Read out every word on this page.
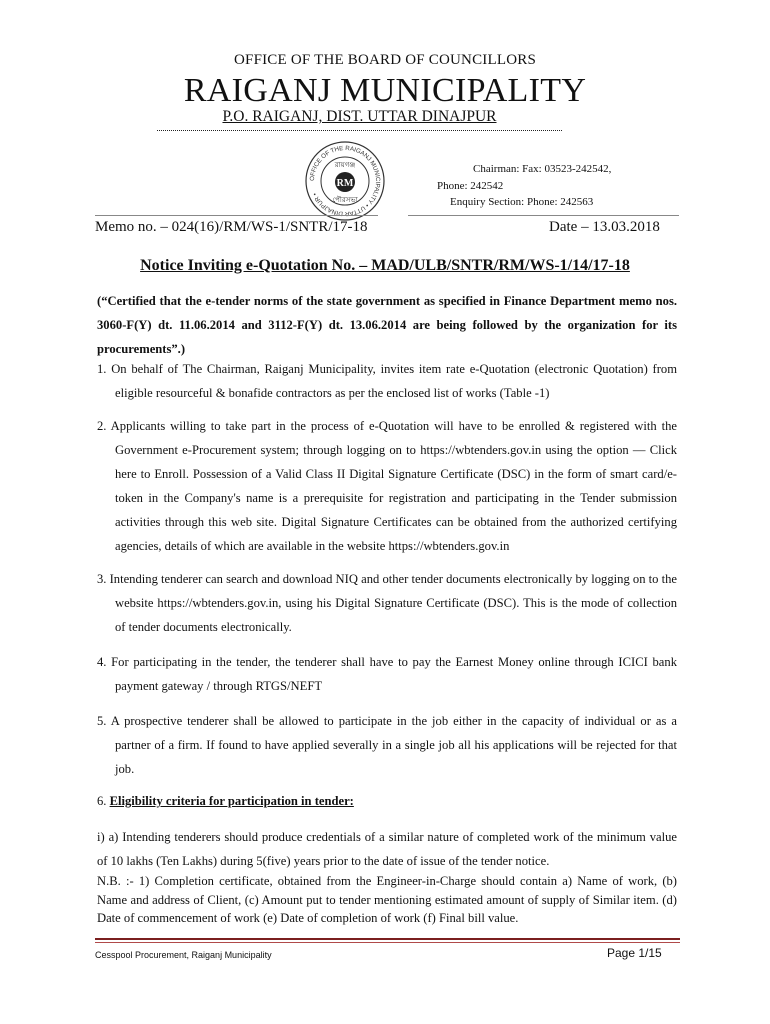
OFFICE OF THE BOARD OF COUNCILLORS
RAIGANJ MUNICIPALITY
P.O. RAIGANJ, DIST. UTTAR DINAJPUR
OFFICE OF THE RAIGANJ MUNICIPALITY • UTTAR DINAJPUR •
রায়গঞ্জ
RM
পৌরসভা
Chairman: Fax: 03523-242542,
Phone: 242542
Enquiry Section: Phone: 242563
Memo no. – 024(16)/RM/WS-1/SNTR/17-18	Date – 13.03.2018
Notice Inviting e-Quotation No. – MAD/ULB/SNTR/RM/WS-1/14/17-18
(“Certified that the e-tender norms of the state government as specified in Finance Department memo nos. 3060-F(Y) dt. 11.06.2014 and 3112-F(Y) dt. 13.06.2014 are being followed by the organization for its procurements”.)
1. On behalf of The Chairman, Raiganj Municipality, invites item rate e-Quotation (electronic Quotation) from eligible resourceful & bonafide contractors as per the enclosed list of works (Table -1)
2. Applicants willing to take part in the process of e-Quotation will have to be enrolled & registered with the Government e-Procurement system; through logging on to https://wbtenders.gov.in using the option ― Click here to Enroll. Possession of a Valid Class II Digital Signature Certificate (DSC) in the form of smart card/e-token in the Company's name is a prerequisite for registration and participating in the Tender submission activities through this web site. Digital Signature Certificates can be obtained from the authorized certifying agencies, details of which are available in the website https://wbtenders.gov.in
3. Intending tenderer can search and download NIQ and other tender documents electronically by logging on to the website https://wbtenders.gov.in, using his Digital Signature Certificate (DSC). This is the mode of collection of tender documents electronically.
4. For participating in the tender, the tenderer shall have to pay the Earnest Money online through ICICI bank payment gateway / through RTGS/NEFT
5. A prospective tenderer shall be allowed to participate in the job either in the capacity of individual or as a partner of a firm. If found to have applied severally in a single job all his applications will be rejected for that job.
6. Eligibility criteria for participation in tender:
i) a) Intending tenderers should produce credentials of a similar nature of completed work of the minimum value of 10 lakhs (Ten Lakhs) during 5(five) years prior to the date of issue of the tender notice.
N.B. :- 1) Completion certificate, obtained from the Engineer-in-Charge should contain a) Name of work, (b) Name and address of Client, (c) Amount put to tender mentioning estimated amount of supply of Similar item. (d) Date of commencement of work (e) Date of completion of work (f) Final bill value.
Cesspool Procurement, Raiganj Municipality	Page 1/15
